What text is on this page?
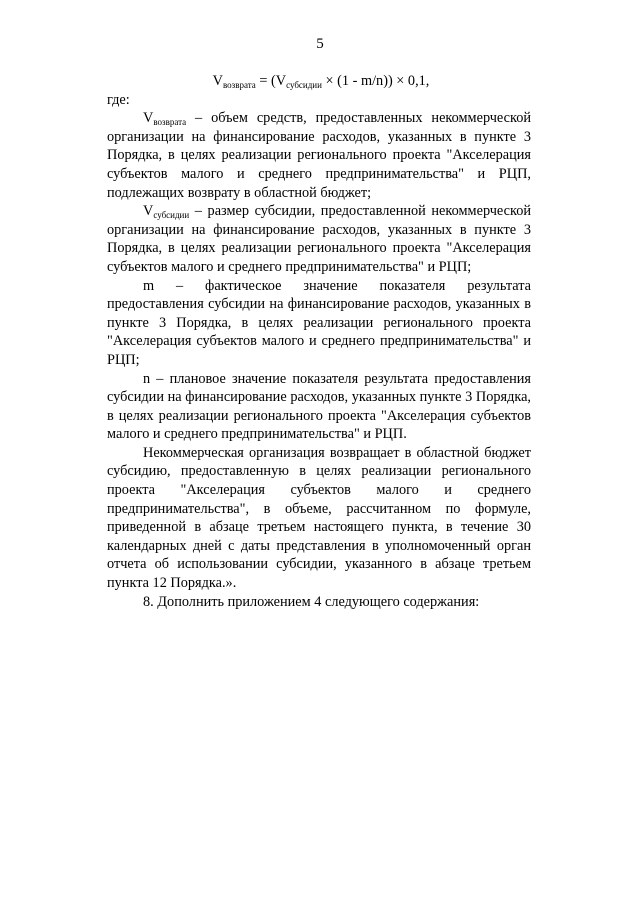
5
$V_{возврата} = (V_{субсидии} \times (1 - m/n)) \times 0,1$,
где:

$V_{возврата}$ – объем средств, предоставленных некоммерческой организации на финансирование расходов, указанных в пункте 3 Порядка, в целях реализации регионального проекта "Акселерация субъектов малого и среднего предпринимательства" и РЦП, подлежащих возврату в областной бюджет;

$V_{субсидии}$ – размер субсидии, предоставленной некоммерческой организации на финансирование расходов, указанных в пункте 3 Порядка, в целях реализации регионального проекта "Акселерация субъектов малого и среднего предпринимательства" и РЦП;

m – фактическое значение показателя результата предоставления субсидии на финансирование расходов, указанных в пункте 3 Порядка, в целях реализации регионального проекта "Акселерация субъектов малого и среднего предпринимательства" и РЦП;

n – плановое значение показателя результата предоставления субсидии на финансирование расходов, указанных пункте 3 Порядка, в целях реализации регионального проекта "Акселерация субъектов малого и среднего предпринимательства" и РЦП.

Некоммерческая организация возвращает в областной бюджет субсидию, предоставленную в целях реализации регионального проекта "Акселерация субъектов малого и среднего предпринимательства", в объеме, рассчитанном по формуле, приведенной в абзаце третьем настоящего пункта, в течение 30 календарных дней с даты представления в уполномоченный орган отчета об использовании субсидии, указанного в абзаце третьем пункта 12 Порядка.».

8. Дополнить приложением 4 следующего содержания:
